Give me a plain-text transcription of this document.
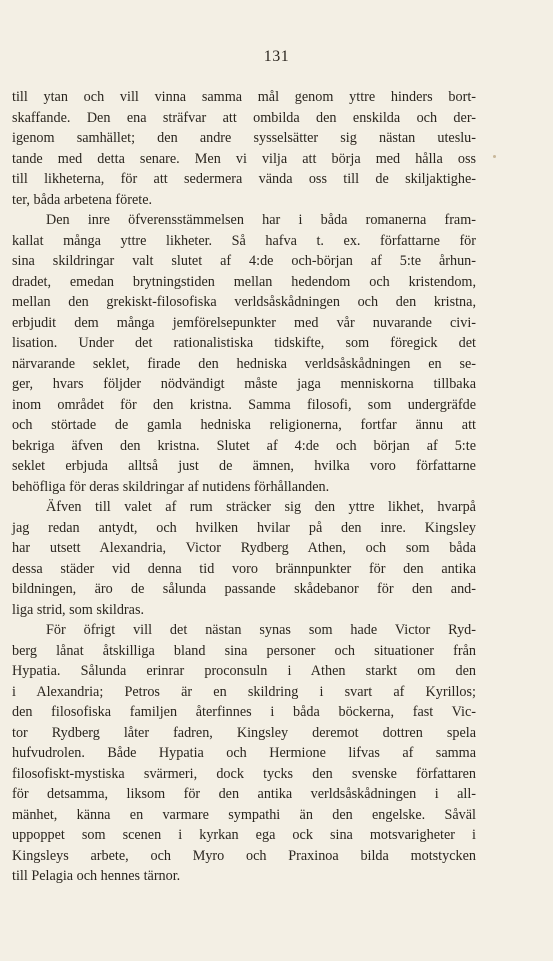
131
till ytan och vill vinna samma mål genom yttre hinders bort-
skaffande. Den ena sträfvar att ombilda den enskilda och der-
igenom samhället; den andre sysselsätter sig nästan uteslu-
tande med detta senare. Men vi vilja att börja med hålla oss
till likheterna, för att sedermera vända oss till de skiljaktighe-
ter, båda arbetena förete.
Den inre öfverensstämmelsen har i båda romanerna fram-
kallat många yttre likheter. Så hafva t. ex. författarne för
sina skildringar valt slutet af 4:de och-början af 5:te århun-
dradet, emedan brytningstiden mellan hedendom och kristendom,
mellan den grekiskt-filosofiska verldsåskådningen och den kristna,
erbjudit dem många jemförelsepunkter med vår nuvarande civi-
lisation. Under det rationalistiska tidskifte, som föregick det
närvarande seklet, firade den hedniska verldsåskådningen en se-
ger, hvars följder nödvändigt måste jaga menniskorna tillbaka
inom området för den kristna. Samma filosofi, som undergräfde
och störtade de gamla hedniska religionerna, fortfar ännu att
bekriga äfven den kristna. Slutet af 4:de och början af 5:te
seklet erbjuda alltså just de ämnen, hvilka voro författarne
behöfliga för deras skildringar af nutidens förhållanden.
Äfven till valet af rum sträcker sig den yttre likhet, hvarpå
jag redan antydt, och hvilken hvilar på den inre. Kingsley
har utsett Alexandria, Victor Rydberg Athen, och som båda
dessa städer vid denna tid voro brännpunkter för den antika
bildningen, äro de sålunda passande skådebanor för den and-
liga strid, som skildras.
För öfrigt vill det nästan synas som hade Victor Ryd-
berg lånat åtskilliga bland sina personer och situationer från
Hypatia. Sålunda erinrar proconsuln i Athen starkt om den
i Alexandria; Petros är en skildring i svart af Kyrillos;
den filosofiska familjen återfinnes i båda böckerna, fast Vic-
tor Rydberg låter fadren, Kingsley deremot dottren spela
hufvudrolen. Både Hypatia och Hermione lifvas af samma
filosofiskt-mystiska svärmeri, dock tycks den svenske författaren
för detsamma, liksom för den antika verldsåskådningen i all-
mänhet, känna en varmare sympathi än den engelske. Såväl
uppoppet som scenen i kyrkan ega ock sina motsvarigheter i
Kingsleys arbete, och Myro och Praxinoa bilda motstycken
till Pelagia och hennes tärnor.
